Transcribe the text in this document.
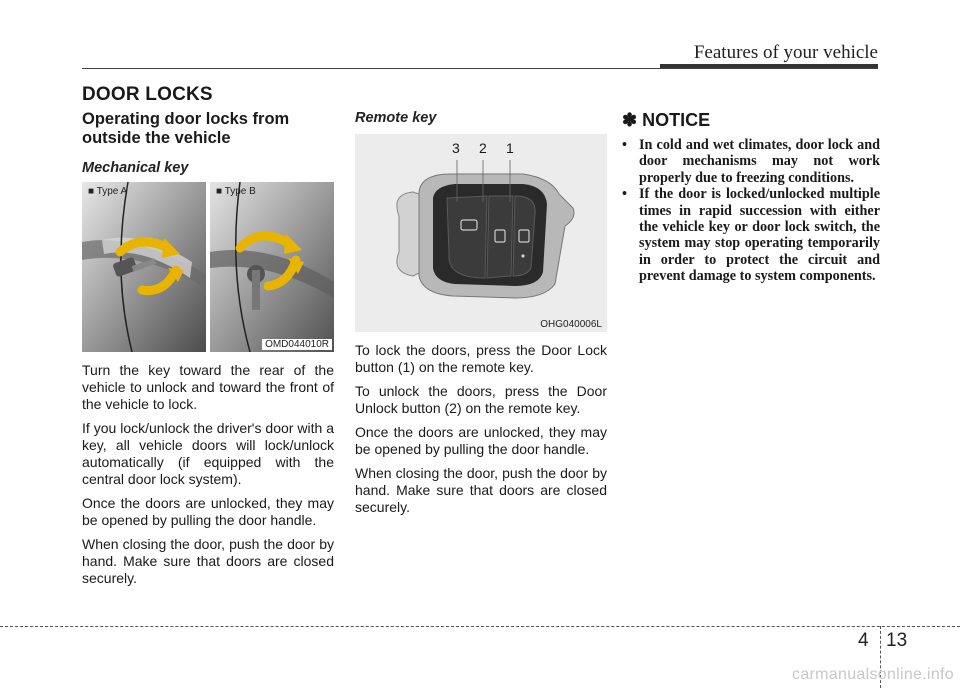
Features of your vehicle
DOOR LOCKS
Operating door locks from outside the vehicle
Mechanical key
■ Type A	■ Type B
OMD044010R

Turn the key toward the rear of the vehicle to unlock and toward the front of the vehicle to lock.

If you lock/unlock the driver's door with a key, all vehicle doors will lock/unlock automatically (if equipped with the central door lock system).

Once the doors are unlocked, they may be opened by pulling the door handle.

When closing the door, push the door by hand. Make sure that doors are closed securely.

Remote key
3 2 1
OHG040006L

To lock the doors, press the Door Lock button (1) on the remote key.

To unlock the doors, press the Door Unlock button (2) on the remote key.

Once the doors are unlocked, they may be opened by pulling the door handle.

When closing the door, push the door by hand. Make sure that doors are closed securely.

✽ NOTICE
• In cold and wet climates, door lock and door mechanisms may not work properly due to freezing conditions.
• If the door is locked/unlocked multiple times in rapid succession with either the vehicle key or door lock switch, the system may stop operating temporarily in order to protect the circuit and prevent damage to system components.
4 13
carmanualsonline.info
